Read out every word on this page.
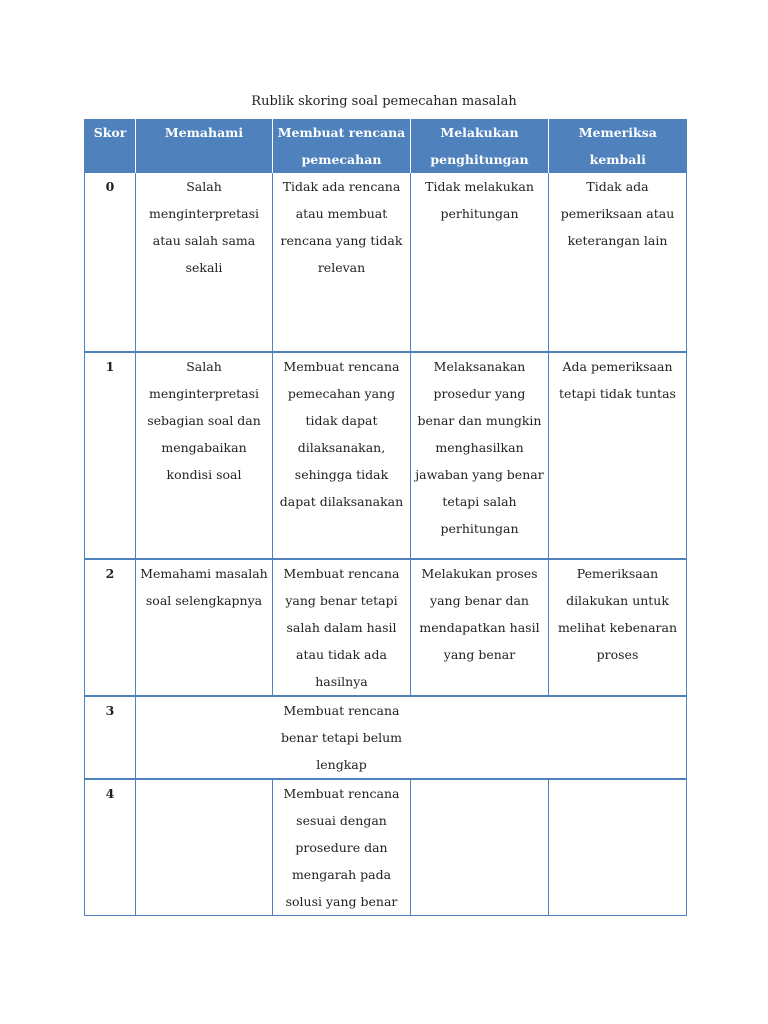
Rublik skoring soal pemecahan masalah
Skor	Memahami	Membuat rencana pemecahan	Melakukan penghitungan	Memeriksa kembali
0	Salah menginterpretasi atau salah sama sekali	Tidak ada rencana atau membuat rencana yang tidak relevan	Tidak melakukan perhitungan	Tidak ada pemeriksaan atau keterangan lain
1	Salah menginterpretasi sebagian soal dan mengabaikan kondisi soal	Membuat rencana pemecahan yang tidak dapat dilaksanakan, sehingga tidak dapat dilaksanakan	Melaksanakan prosedur yang benar dan mungkin menghasilkan jawaban yang benar tetapi salah perhitungan	Ada pemeriksaan tetapi tidak tuntas
2	Memahami masalah soal selengkapnya	Membuat rencana yang benar tetapi salah dalam hasil atau tidak ada hasilnya	Melakukan proses yang benar dan mendapatkan hasil yang benar	Pemeriksaan dilakukan untuk melihat kebenaran proses
3		Membuat rencana benar tetapi belum lengkap		
4		Membuat rencana sesuai dengan prosedure dan mengarah pada solusi yang benar		
